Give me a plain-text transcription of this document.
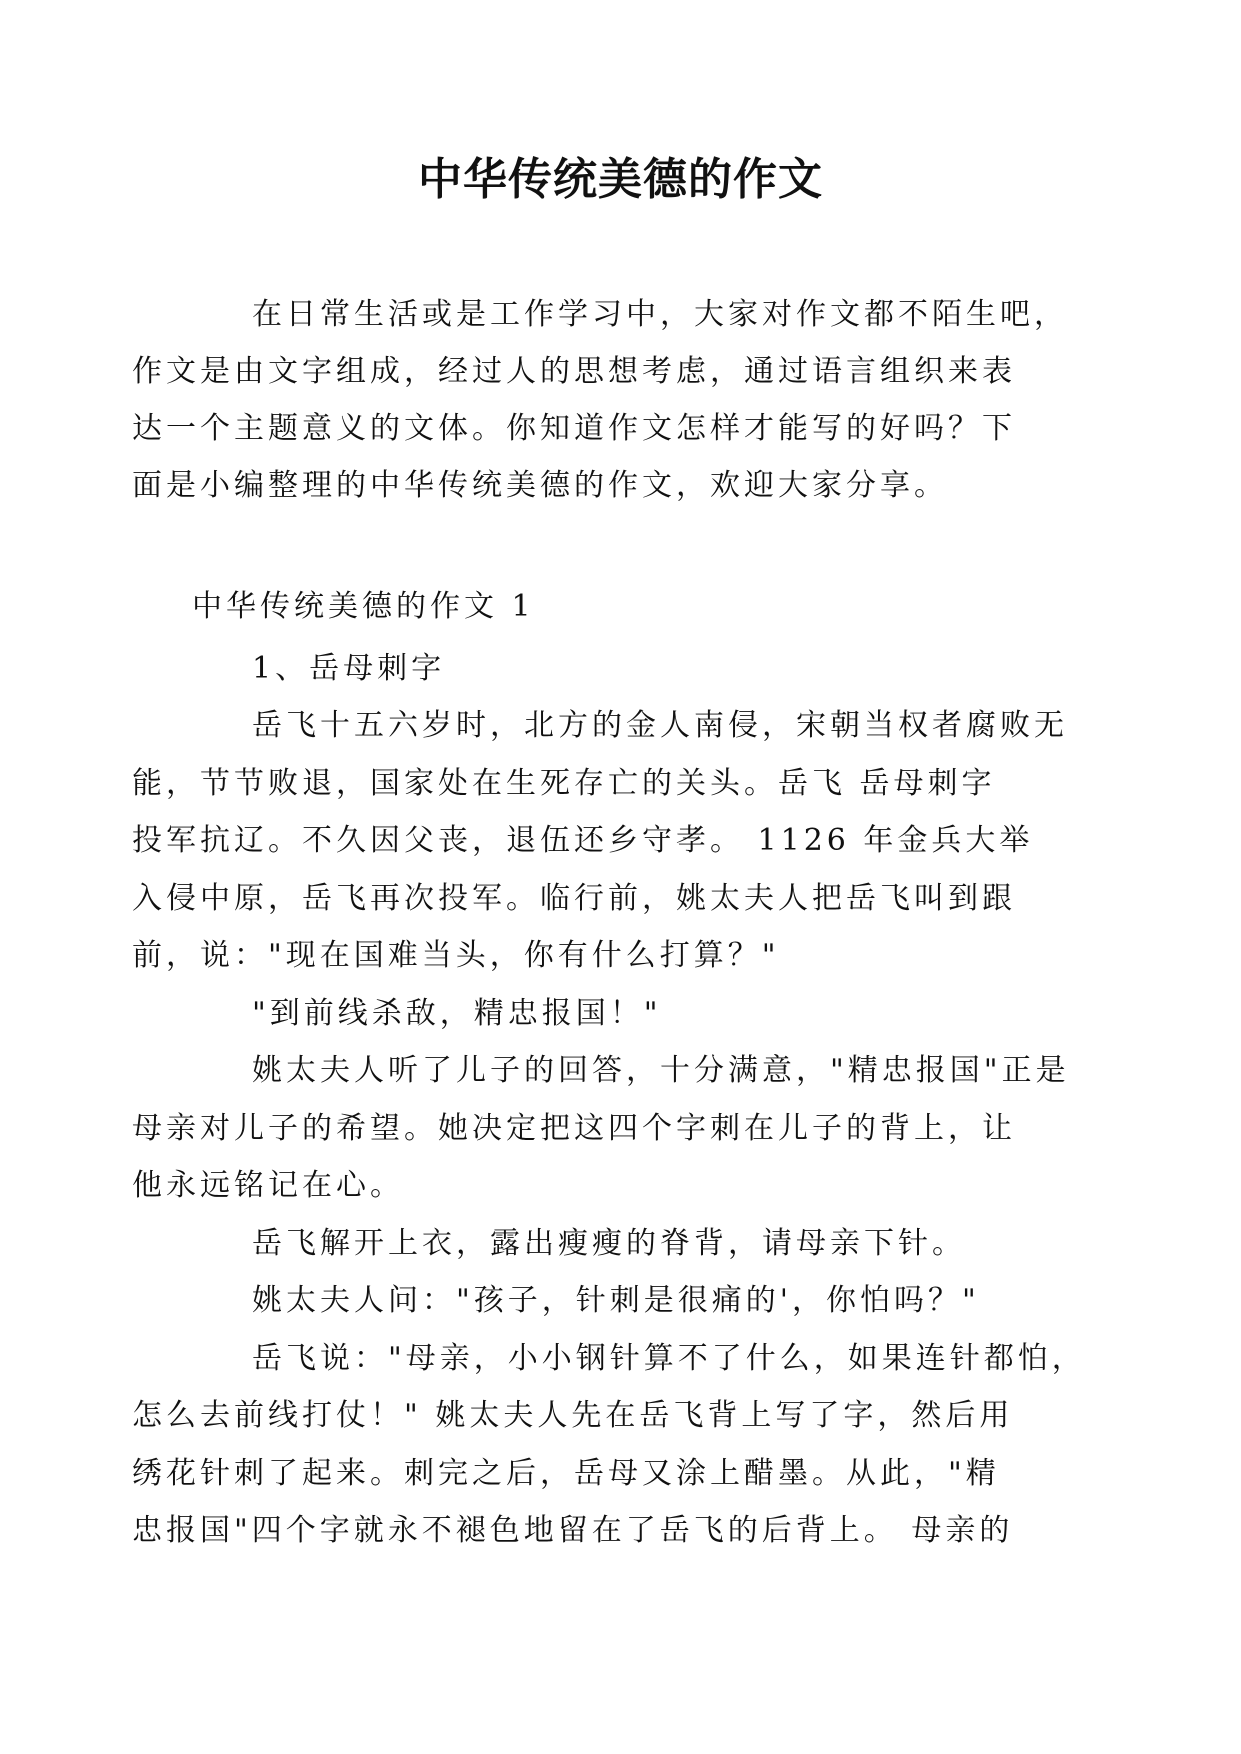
中华传统美德的作文
在日常生活或是工作学习中，大家对作文都不陌生吧，
作文是由文字组成，经过人的思想考虑，通过语言组织来表
达一个主题意义的文体。你知道作文怎样才能写的好吗？下
面是小编整理的中华传统美德的作文，欢迎大家分享。
中华传统美德的作文 1
1、岳母刺字
岳飞十五六岁时，北方的金人南侵，宋朝当权者腐败无
能，节节败退，国家处在生死存亡的关头。岳飞 岳母刺字
投军抗辽。不久因父丧，退伍还乡守孝。 1126 年金兵大举
入侵中原，岳飞再次投军。临行前，姚太夫人把岳飞叫到跟
前，说："现在国难当头，你有什么打算？"
"到前线杀敌，精忠报国！"
姚太夫人听了儿子的回答，十分满意，"精忠报国"正是
母亲对儿子的希望。她决定把这四个字刺在儿子的背上，让
他永远铭记在心。
岳飞解开上衣，露出瘦瘦的脊背，请母亲下针。
姚太夫人问："孩子，针刺是很痛的'，你怕吗？"
岳飞说："母亲，小小钢针算不了什么，如果连针都怕，
怎么去前线打仗！" 姚太夫人先在岳飞背上写了字，然后用
绣花针刺了起来。刺完之后，岳母又涂上醋墨。从此，"精
忠报国"四个字就永不褪色地留在了岳飞的后背上。 母亲的
